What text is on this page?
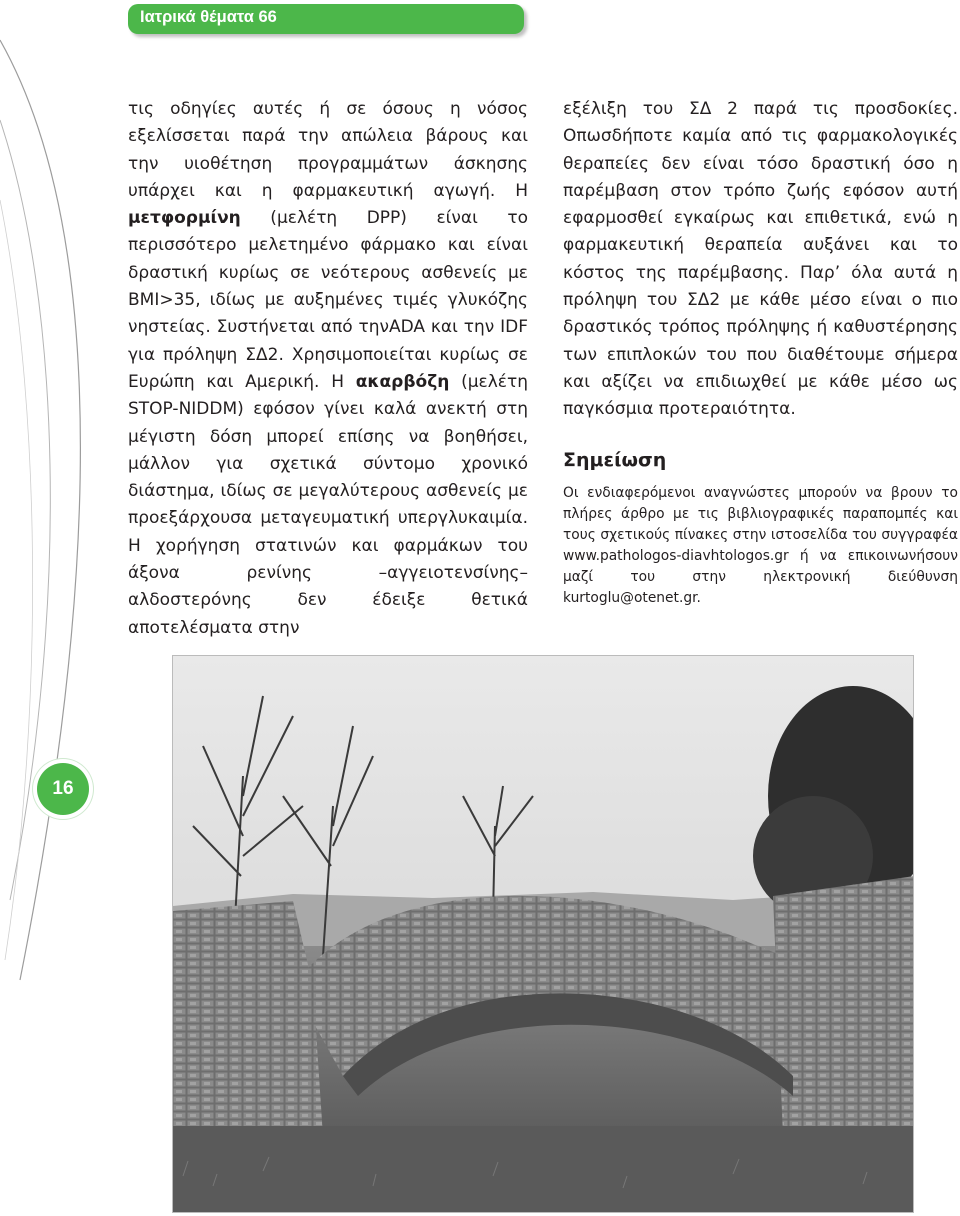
Ιατρικά θέματα 66
16

τις οδηγίες αυτές ή σε όσους η νόσος εξελίσσεται παρά την απώλεια βάρους και την υιοθέτηση προγραμμάτων άσκησης υπάρχει και η φαρμακευτική αγωγή. Η μετφορμίνη (μελέτη DPP) είναι το περισσότερο μελετημένο φάρμακο και είναι δραστική κυρίως σε νεότερους ασθενείς με BMI>35, ιδίως με αυξημένες τιμές γλυκόζης νηστείας. Συστήνεται από τηνADA και την IDF για πρόληψη ΣΔ2. Χρησιμοποιείται κυρίως σε Ευρώπη και Αμερική. Η ακαρβόζη (μελέτη STOP-NIDDM) εφόσον γίνει καλά ανεκτή στη μέγιστη δόση μπορεί επίσης να βοηθήσει, μάλλον για σχετικά σύντομο χρονικό διάστημα, ιδίως σε μεγαλύτερους ασθενείς με προεξάρχουσα μεταγευματική υπεργλυκαιμία. Η χορήγηση στατινών και φαρμάκων του άξονα ρενίνης –αγγειοτενσίνης– αλδοστερόνης δεν έδειξε θετικά αποτελέσματα στην

εξέλιξη του ΣΔ 2 παρά τις προσδοκίες. Οπωσδήποτε καμία από τις φαρμακολογικές θεραπείες δεν είναι τόσο δραστική όσο η παρέμβαση στον τρόπο ζωής εφόσον αυτή εφαρμοσθεί εγκαίρως και επιθετικά, ενώ η φαρμακευτική θεραπεία αυξάνει και το κόστος της παρέμβασης. Παρ’ όλα αυτά η πρόληψη του ΣΔ2 με κάθε μέσο είναι ο πιο δραστικός τρόπος πρόληψης ή καθυστέρησης των επιπλοκών του που διαθέτουμε σήμερα και αξίζει να επιδιωχθεί με κάθε μέσο ως παγκόσμια προτεραιότητα.

Σημείωση

Οι ενδιαφερόμενοι αναγνώστες μπορούν να βρουν το πλήρες άρθρο με τις βιβλιογραφικές παραπομπές και τους σχετικούς πίνακες στην ιστοσελίδα του συγγραφέα www.pathologos-diavhtologos.gr ή να επικοινωνήσουν μαζί του στην ηλεκτρονική διεύθυνση kurtoglu@otenet.gr.
